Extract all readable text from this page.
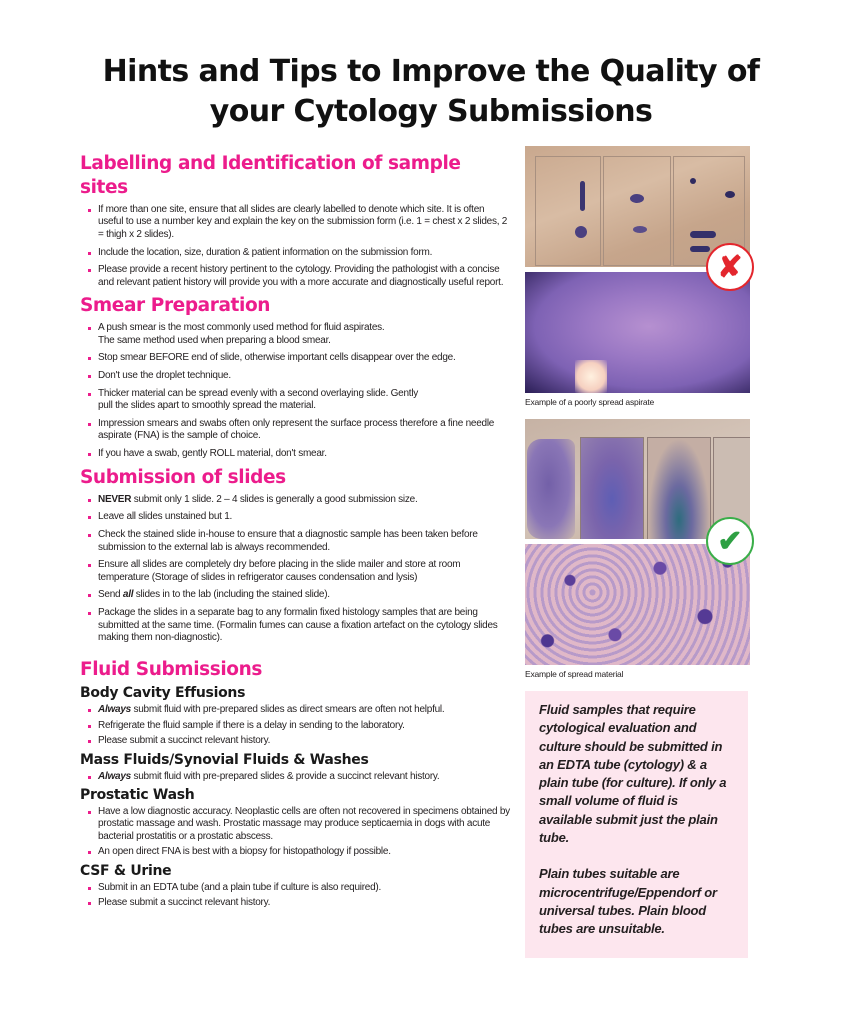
Hints and Tips to Improve the Quality of
your Cytology Submissions
Labelling and Identification of sample sites
If more than one site, ensure that all slides are clearly labelled to denote which site. It is often useful to use a number key and explain the key on the submission form (i.e. 1 = chest x 2 slides, 2 = thigh x 2 slides).
Include the location, size, duration & patient information on the submission form.
Please provide a recent history pertinent to the cytology. Providing the pathologist with a concise and relevant patient history will provide you with a more accurate and diagnostically useful report.
Smear Preparation
A push smear is the most commonly used method for fluid aspirates.
The same method used when preparing a blood smear.
Stop smear BEFORE end of slide, otherwise important cells disappear over the edge.
Don't use the droplet technique.
Thicker material can be spread evenly with a second overlaying slide. Gently
pull the slides apart to smoothly spread the material.
Impression smears and swabs often only represent the surface process therefore a fine needle aspirate (FNA) is the sample of choice.
If you have a swab, gently ROLL material, don't smear.
Submission of slides
NEVER submit only 1 slide. 2 – 4 slides is generally a good submission size.
Leave all slides unstained but 1.
Check the stained slide in-house to ensure that a diagnostic sample has been taken before submission to the external lab is always recommended.
Ensure all slides are completely dry before placing in the slide mailer and store at room temperature (Storage of slides in refrigerator causes condensation and lysis)
Send all slides in to the lab (including the stained slide).
Package the slides in a separate bag to any formalin fixed histology samples that are being submitted at the same time. (Formalin fumes can cause a fixation artefact on the cytology slides making them non-diagnostic).
Fluid Submissions
Body Cavity Effusions
Always submit fluid with pre-prepared slides as direct smears are often not helpful.
Refrigerate the fluid sample if there is a delay in sending to the laboratory.
Please submit a succinct relevant history.
Mass Fluids/Synovial Fluids & Washes
Always submit fluid with pre-prepared slides & provide a succinct relevant history.
Prostatic Wash
Have a low diagnostic accuracy. Neoplastic cells are often not recovered in specimens obtained by prostatic massage and wash. Prostatic massage may produce septicaemia in dogs with acute bacterial prostatitis or a prostatic abscess.
An open direct FNA is best with a biopsy for histopathology if possible.
CSF & Urine
Submit in an EDTA tube (and a plain tube if culture is also required).
Please submit a succinct relevant history.
✘
Example of a poorly spread aspirate
✔
Example of spread material

Fluid samples that require cytological evaluation and culture should be submitted in an EDTA tube (cytology) & a plain tube (for culture). If only a small volume of fluid is available submit just the plain tube.

Plain tubes suitable are microcentrifuge/Eppendorf or universal tubes. Plain blood tubes are unsuitable.
